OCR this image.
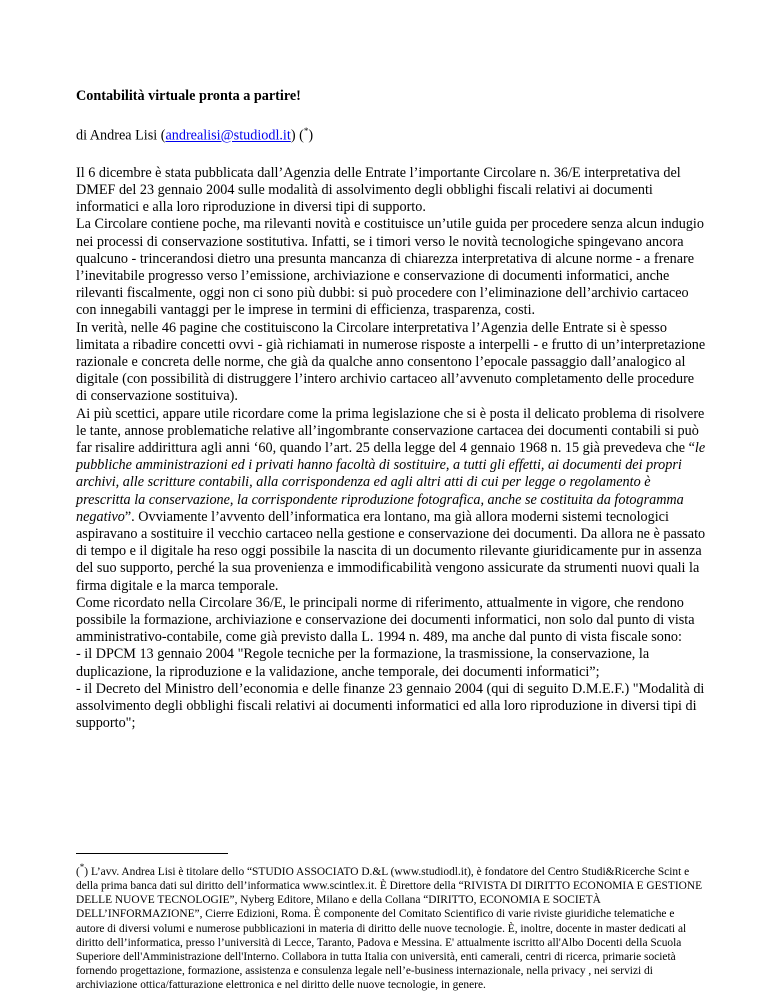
Contabilità virtuale pronta a partire!

di Andrea Lisi (andrealisi@studiodl.it) (*)

Il 6 dicembre è stata pubblicata dall’Agenzia delle Entrate l’importante Circolare n. 36/E interpretativa del DMEF del 23 gennaio 2004 sulle modalità di assolvimento degli obblighi fiscali relativi ai documenti informatici e alla loro riproduzione in diversi tipi di supporto.

La Circolare contiene poche, ma rilevanti novità e costituisce un’utile guida per procedere senza alcun indugio nei processi di conservazione sostitutiva. Infatti, se i timori verso le novità tecnologiche spingevano ancora qualcuno - trincerandosi dietro una presunta mancanza di chiarezza interpretativa di alcune norme - a frenare l’inevitabile progresso verso l’emissione, archiviazione e conservazione di documenti informatici, anche rilevanti fiscalmente, oggi non ci sono più dubbi: si può procedere con l’eliminazione dell’archivio cartaceo con innegabili vantaggi per le imprese in termini di efficienza, trasparenza, costi.

In verità, nelle 46 pagine che costituiscono la Circolare interpretativa l’Agenzia delle Entrate si è spesso limitata a ribadire concetti ovvi - già richiamati in numerose risposte a interpelli - e frutto di un’interpretazione razionale e concreta delle norme, che già da qualche anno consentono l’epocale passaggio dall’analogico al digitale (con possibilità di distruggere l’intero archivio cartaceo all’avvenuto completamento delle procedure di conservazione sostituiva).

Ai più scettici, appare utile ricordare come la prima legislazione che si è posta il delicato problema di risolvere le tante, annose problematiche relative all’ingombrante conservazione cartacea dei documenti contabili si può far risalire addirittura agli anni ‘60, quando l’art. 25 della legge del 4 gennaio 1968 n. 15 già prevedeva che “le pubbliche amministrazioni ed i privati hanno facoltà di sostituire, a tutti gli effetti, ai documenti dei propri archivi, alle scritture contabili, alla corrispondenza ed agli altri atti di cui per legge o regolamento è prescritta la conservazione, la corrispondente riproduzione fotografica, anche se costituita da fotogramma negativo”. Ovviamente l’avvento dell’informatica era lontano, ma già allora moderni sistemi tecnologici aspiravano a sostituire il vecchio cartaceo nella gestione e conservazione dei documenti. Da allora ne è passato di tempo e il digitale ha reso oggi possibile la nascita di un documento rilevante giuridicamente pur in assenza del suo supporto, perché la sua provenienza e immodificabilità vengono assicurate da strumenti nuovi quali la firma digitale e la marca temporale.

Come ricordato nella Circolare 36/E, le principali norme di riferimento, attualmente in vigore, che rendono possibile la formazione, archiviazione e conservazione dei documenti informatici, non solo dal punto di vista amministrativo-contabile, come già previsto dalla L. 1994 n. 489, ma anche dal punto di vista fiscale sono:

- il DPCM 13 gennaio 2004 "Regole tecniche per la formazione, la trasmissione, la conservazione, la duplicazione, la riproduzione e la validazione, anche temporale, dei documenti informatici”;

- il Decreto del Ministro dell’economia e delle finanze 23 gennaio 2004 (qui di seguito D.M.E.F.) "Modalità di assolvimento degli obblighi fiscali relativi ai documenti informatici ed alla loro riproduzione in diversi tipi di supporto";

(*) L’avv. Andrea Lisi è titolare dello “STUDIO ASSOCIATO D.&L (www.studiodl.it), è fondatore del Centro Studi&Ricerche Scint e della prima banca dati sul diritto dell’informatica www.scintlex.it. È Direttore della “RIVISTA DI DIRITTO ECONOMIA E GESTIONE DELLE NUOVE TECNOLOGIE”, Nyberg Editore, Milano e della Collana “DIRITTO, ECONOMIA E SOCIETÀ DELL’INFORMAZIONE”, Cierre Edizioni, Roma. È componente del Comitato Scientifico di varie riviste giuridiche telematiche e autore di diversi volumi e numerose pubblicazioni in materia di diritto delle nuove tecnologie. È, inoltre, docente in master dedicati al diritto dell’informatica, presso l’università di Lecce, Taranto, Padova e Messina. E' attualmente iscritto all'Albo Docenti della Scuola Superiore dell'Amministrazione dell'Interno. Collabora in tutta Italia con università, enti camerali, centri di ricerca, primarie società fornendo progettazione, formazione, assistenza e consulenza legale nell’e-business internazionale, nella privacy , nei servizi di archiviazione ottica/fatturazione elettronica e nel diritto delle nuove tecnologie, in genere.
